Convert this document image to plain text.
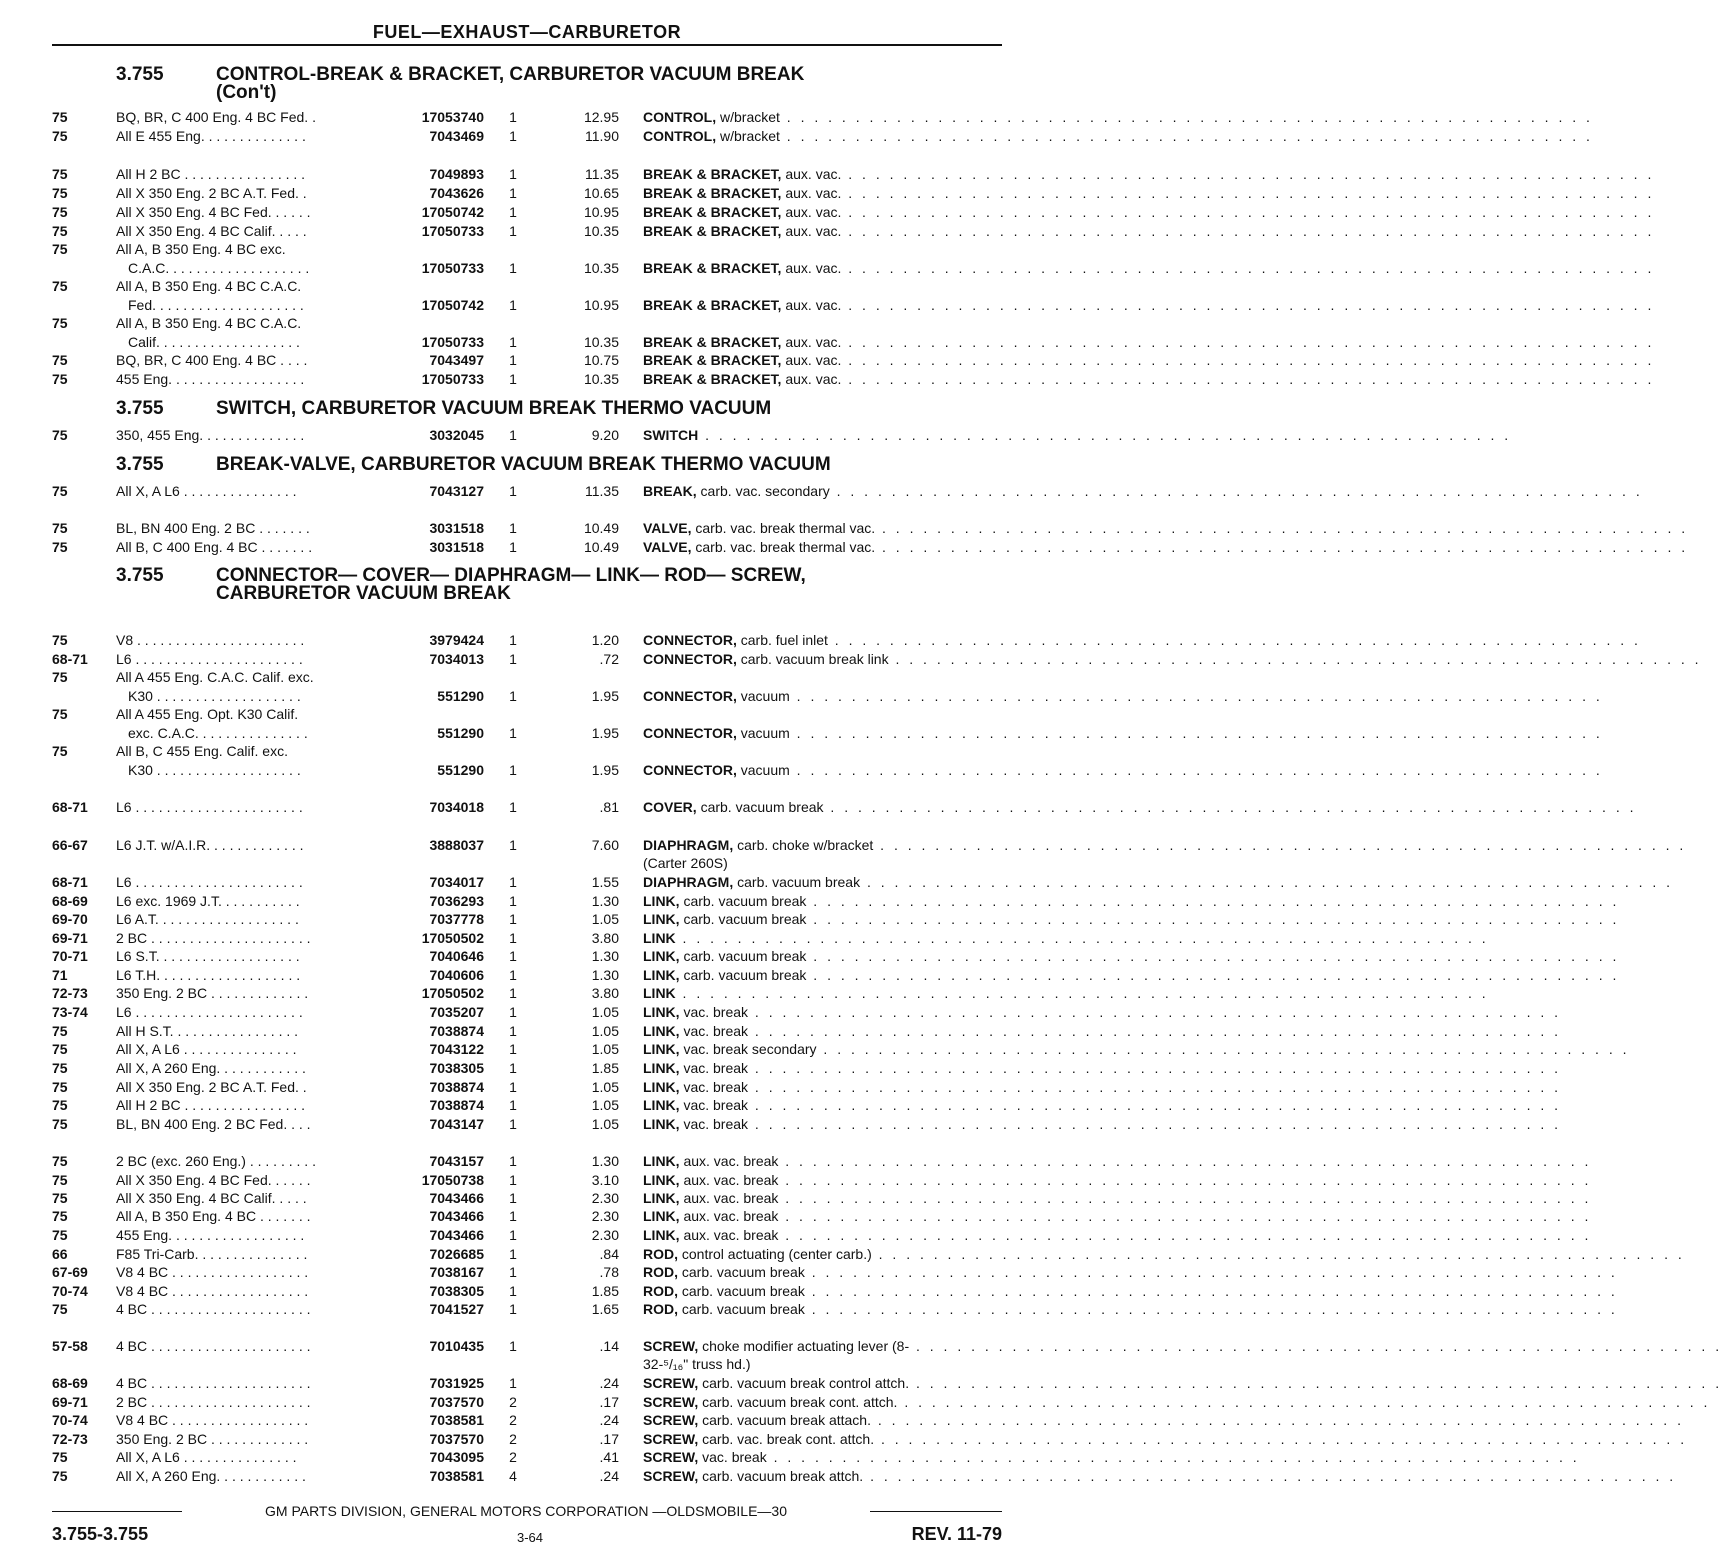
FUEL—EXHAUST—CARBURETOR
3.755	CONTROL-BREAK & BRACKET, CARBURETOR VACUUM BREAK
(Con't)
3.755	SWITCH, CARBURETOR VACUUM BREAK THERMO VACUUM
3.755	BREAK-VALVE, CARBURETOR VACUUM BREAK THERMO VACUUM
3.755	CONNECTOR— COVER— DIAPHRAGM— LINK— ROD— SCREW,
CARBURETOR VACUUM BREAK
75	BQ, BR, C 400 Eng. 4 BC Fed. .	17053740 1	12.95 CONTROL, w/bracket . . . . . . . . . . . . . . . . . . . . . . . . . . . . . . . . . . . . . . . . . . . . . . . . . . . . . . . . . . .
75	All E 455 Eng. . . . . . . . . . . . . .	7043469 1	11.90 CONTROL, w/bracket . . . . . . . . . . . . . . . . . . . . . . . . . . . . . . . . . . . . . . . . . . . . . . . . . . . . . . . . . . .
75	All H 2 BC . . . . . . . . . . . . . . . .	7049893 1	11.35 BREAK & BRACKET, aux. vac. . . . . . . . . . . . . . . . . . . . . . . . . . . . . . . . . . . . . . . . . . . . . . . . . . . . . . . . . . . .
75	All X 350 Eng. 2 BC A.T. Fed. .	7043626 1	10.65 BREAK & BRACKET, aux. vac. . . . . . . . . . . . . . . . . . . . . . . . . . . . . . . . . . . . . . . . . . . . . . . . . . . . . . . . . . . .
75	All X 350 Eng. 4 BC Fed. . . . . .	17050742 1	10.95 BREAK & BRACKET, aux. vac. . . . . . . . . . . . . . . . . . . . . . . . . . . . . . . . . . . . . . . . . . . . . . . . . . . . . . . . . . . .
75	All X 350 Eng. 4 BC Calif. . . . .	17050733 1	10.35 BREAK & BRACKET, aux. vac. . . . . . . . . . . . . . . . . . . . . . . . . . . . . . . . . . . . . . . . . . . . . . . . . . . . . . . . . . . .
75	All A, B 350 Eng. 4 BC exc.
C.A.C. . . . . . . . . . . . . . . . . . .	17050733 1	10.35 BREAK & BRACKET, aux. vac. . . . . . . . . . . . . . . . . . . . . . . . . . . . . . . . . . . . . . . . . . . . . . . . . . . . . . . . . . . .
75	All A, B 350 Eng. 4 BC C.A.C.
Fed. . . . . . . . . . . . . . . . . . . .	17050742 1	10.95 BREAK & BRACKET, aux. vac. . . . . . . . . . . . . . . . . . . . . . . . . . . . . . . . . . . . . . . . . . . . . . . . . . . . . . . . . . . .
75	All A, B 350 Eng. 4 BC C.A.C.
Calif. . . . . . . . . . . . . . . . . . .	17050733 1	10.35 BREAK & BRACKET, aux. vac. . . . . . . . . . . . . . . . . . . . . . . . . . . . . . . . . . . . . . . . . . . . . . . . . . . . . . . . . . . .
75	BQ, BR, C 400 Eng. 4 BC . . . .	7043497 1	10.75 BREAK & BRACKET, aux. vac. . . . . . . . . . . . . . . . . . . . . . . . . . . . . . . . . . . . . . . . . . . . . . . . . . . . . . . . . . . .
75	455 Eng. . . . . . . . . . . . . . . . . .	17050733 1	10.35 BREAK & BRACKET, aux. vac. . . . . . . . . . . . . . . . . . . . . . . . . . . . . . . . . . . . . . . . . . . . . . . . . . . . . . . . . . . .
75	350, 455 Eng. . . . . . . . . . . . . .	3032045 1	9.20 SWITCH . . . . . . . . . . . . . . . . . . . . . . . . . . . . . . . . . . . . . . . . . . . . . . . . . . . . . . . . . . .
75	All X, A L6 . . . . . . . . . . . . . . .	7043127 1	11.35 BREAK, carb. vac. secondary . . . . . . . . . . . . . . . . . . . . . . . . . . . . . . . . . . . . . . . . . . . . . . . . . . . . . . . . . . .
75	BL, BN 400 Eng. 2 BC . . . . . . .	3031518 1	10.49 VALVE, carb. vac. break thermal vac. . . . . . . . . . . . . . . . . . . . . . . . . . . . . . . . . . . . . . . . . . . . . . . . . . . . . . . . . . . .
75	All B, C 400 Eng. 4 BC . . . . . . .	3031518 1	10.49 VALVE, carb. vac. break thermal vac. . . . . . . . . . . . . . . . . . . . . . . . . . . . . . . . . . . . . . . . . . . . . . . . . . . . . . . . . . . .
75	V8 . . . . . . . . . . . . . . . . . . . . . .	3979424 1	1.20 CONNECTOR, carb. fuel inlet . . . . . . . . . . . . . . . . . . . . . . . . . . . . . . . . . . . . . . . . . . . . . . . . . . . . . . . . . . .
68-71	L6 . . . . . . . . . . . . . . . . . . . . . .	7034013 1	.72 CONNECTOR, carb. vacuum break link . . . . . . . . . . . . . . . . . . . . . . . . . . . . . . . . . . . . . . . . . . . . . . . . . . . . . . . . . . .
75	All A 455 Eng. C.A.C. Calif. exc.
K30 . . . . . . . . . . . . . . . . . . .	551290 1	1.95 CONNECTOR, vacuum . . . . . . . . . . . . . . . . . . . . . . . . . . . . . . . . . . . . . . . . . . . . . . . . . . . . . . . . . . .
75	All A 455 Eng. Opt. K30 Calif.
exc. C.A.C. . . . . . . . . . . . . . .	551290 1	1.95 CONNECTOR, vacuum . . . . . . . . . . . . . . . . . . . . . . . . . . . . . . . . . . . . . . . . . . . . . . . . . . . . . . . . . . .
75	All B, C 455 Eng. Calif. exc.
K30 . . . . . . . . . . . . . . . . . . .	551290 1	1.95 CONNECTOR, vacuum . . . . . . . . . . . . . . . . . . . . . . . . . . . . . . . . . . . . . . . . . . . . . . . . . . . . . . . . . . .
68-71	L6 . . . . . . . . . . . . . . . . . . . . . .	7034018 1	.81 COVER, carb. vacuum break . . . . . . . . . . . . . . . . . . . . . . . . . . . . . . . . . . . . . . . . . . . . . . . . . . . . . . . . . . .
66-67	L6 J.T. w/A.I.R. . . . . . . . . . . . .	3888037 1	7.60 DIAPHRAGM, carb. choke w/bracket . . . . . . . . . . . . . . . . . . . . . . . . . . . . . . . . . . . . . . . . . . . . . . . . . . . . . . . . . . .
(Carter 260S)
68-71	L6 . . . . . . . . . . . . . . . . . . . . . .	7034017 1	1.55 DIAPHRAGM, carb. vacuum break . . . . . . . . . . . . . . . . . . . . . . . . . . . . . . . . . . . . . . . . . . . . . . . . . . . . . . . . . . .
68-69	L6 exc. 1969 J.T. . . . . . . . . . .	7036293 1	1.30 LINK, carb. vacuum break . . . . . . . . . . . . . . . . . . . . . . . . . . . . . . . . . . . . . . . . . . . . . . . . . . . . . . . . . . .
69-70	L6 A.T. . . . . . . . . . . . . . . . . . .	7037778 1	1.05 LINK, carb. vacuum break . . . . . . . . . . . . . . . . . . . . . . . . . . . . . . . . . . . . . . . . . . . . . . . . . . . . . . . . . . .
69-71	2 BC . . . . . . . . . . . . . . . . . . . . .	17050502 1	3.80 LINK . . . . . . . . . . . . . . . . . . . . . . . . . . . . . . . . . . . . . . . . . . . . . . . . . . . . . . . . . . .
70-71	L6 S.T. . . . . . . . . . . . . . . . . . .	7040646 1	1.30 LINK, carb. vacuum break . . . . . . . . . . . . . . . . . . . . . . . . . . . . . . . . . . . . . . . . . . . . . . . . . . . . . . . . . . .
71	L6 T.H. . . . . . . . . . . . . . . . . . .	7040606 1	1.30 LINK, carb. vacuum break . . . . . . . . . . . . . . . . . . . . . . . . . . . . . . . . . . . . . . . . . . . . . . . . . . . . . . . . . . .
72-73	350 Eng. 2 BC . . . . . . . . . . . . .	17050502 1	3.80 LINK . . . . . . . . . . . . . . . . . . . . . . . . . . . . . . . . . . . . . . . . . . . . . . . . . . . . . . . . . . .
73-74	L6 . . . . . . . . . . . . . . . . . . . . . .	7035207 1	1.05 LINK, vac. break . . . . . . . . . . . . . . . . . . . . . . . . . . . . . . . . . . . . . . . . . . . . . . . . . . . . . . . . . . .
75	All H S.T. . . . . . . . . . . . . . . . .	7038874 1	1.05 LINK, vac. break . . . . . . . . . . . . . . . . . . . . . . . . . . . . . . . . . . . . . . . . . . . . . . . . . . . . . . . . . . .
75	All X, A L6 . . . . . . . . . . . . . . .	7043122 1	1.05 LINK, vac. break secondary . . . . . . . . . . . . . . . . . . . . . . . . . . . . . . . . . . . . . . . . . . . . . . . . . . . . . . . . . . .
75	All X, A 260 Eng. . . . . . . . . . . .	7038305 1	1.85 LINK, vac. break . . . . . . . . . . . . . . . . . . . . . . . . . . . . . . . . . . . . . . . . . . . . . . . . . . . . . . . . . . .
75	All X 350 Eng. 2 BC A.T. Fed. .	7038874 1	1.05 LINK, vac. break . . . . . . . . . . . . . . . . . . . . . . . . . . . . . . . . . . . . . . . . . . . . . . . . . . . . . . . . . . .
75	All H 2 BC . . . . . . . . . . . . . . . .	7038874 1	1.05 LINK, vac. break . . . . . . . . . . . . . . . . . . . . . . . . . . . . . . . . . . . . . . . . . . . . . . . . . . . . . . . . . . .
75	BL, BN 400 Eng. 2 BC Fed. . . .	7043147 1	1.05 LINK, vac. break . . . . . . . . . . . . . . . . . . . . . . . . . . . . . . . . . . . . . . . . . . . . . . . . . . . . . . . . . . .
75	2 BC (exc. 260 Eng.) . . . . . . . . .	7043157 1	1.30 LINK, aux. vac. break . . . . . . . . . . . . . . . . . . . . . . . . . . . . . . . . . . . . . . . . . . . . . . . . . . . . . . . . . . .
75	All X 350 Eng. 4 BC Fed. . . . . .	17050738 1	3.10 LINK, aux. vac. break . . . . . . . . . . . . . . . . . . . . . . . . . . . . . . . . . . . . . . . . . . . . . . . . . . . . . . . . . . .
75	All X 350 Eng. 4 BC Calif. . . . .	7043466 1	2.30 LINK, aux. vac. break . . . . . . . . . . . . . . . . . . . . . . . . . . . . . . . . . . . . . . . . . . . . . . . . . . . . . . . . . . .
75	All A, B 350 Eng. 4 BC . . . . . . .	7043466 1	2.30 LINK, aux. vac. break . . . . . . . . . . . . . . . . . . . . . . . . . . . . . . . . . . . . . . . . . . . . . . . . . . . . . . . . . . .
75	455 Eng. . . . . . . . . . . . . . . . . .	7043466 1	2.30 LINK, aux. vac. break . . . . . . . . . . . . . . . . . . . . . . . . . . . . . . . . . . . . . . . . . . . . . . . . . . . . . . . . . . .
66	F85 Tri-Carb. . . . . . . . . . . . . . .	7026685 1	.84 ROD, control actuating (center carb.) . . . . . . . . . . . . . . . . . . . . . . . . . . . . . . . . . . . . . . . . . . . . . . . . . . . . . . . . . . .
67-69	V8 4 BC . . . . . . . . . . . . . . . . . .	7038167 1	.78 ROD, carb. vacuum break . . . . . . . . . . . . . . . . . . . . . . . . . . . . . . . . . . . . . . . . . . . . . . . . . . . . . . . . . . .
70-74	V8 4 BC . . . . . . . . . . . . . . . . . .	7038305 1	1.85 ROD, carb. vacuum break . . . . . . . . . . . . . . . . . . . . . . . . . . . . . . . . . . . . . . . . . . . . . . . . . . . . . . . . . . .
75	4 BC . . . . . . . . . . . . . . . . . . . . .	7041527 1	1.65 ROD, carb. vacuum break . . . . . . . . . . . . . . . . . . . . . . . . . . . . . . . . . . . . . . . . . . . . . . . . . . . . . . . . . . .
57-58	4 BC . . . . . . . . . . . . . . . . . . . . .	7010435 1	.14 SCREW, choke modifier actuating lever (8- . . . . . . . . . . . . . . . . . . . . . . . . . . . . . . . . . . . . . . . . . . . . . . . . . . . . . . . . . . .
32-⁵/₁₆" truss hd.)
68-69	4 BC . . . . . . . . . . . . . . . . . . . . .	7031925 1	.24 SCREW, carb. vacuum break control attch. . . . . . . . . . . . . . . . . . . . . . . . . . . . . . . . . . . . . . . . . . . . . . . . . . . . . . . . . . . .
69-71	2 BC . . . . . . . . . . . . . . . . . . . . .	7037570 2	.17 SCREW, carb. vacuum break cont. attch. . . . . . . . . . . . . . . . . . . . . . . . . . . . . . . . . . . . . . . . . . . . . . . . . . . . . . . . . . . .
70-74	V8 4 BC . . . . . . . . . . . . . . . . . .	7038581 2	.24 SCREW, carb. vacuum break attach. . . . . . . . . . . . . . . . . . . . . . . . . . . . . . . . . . . . . . . . . . . . . . . . . . . . . . . . . . . .
72-73	350 Eng. 2 BC . . . . . . . . . . . . .	7037570 2	.17 SCREW, carb. vac. break cont. attch. . . . . . . . . . . . . . . . . . . . . . . . . . . . . . . . . . . . . . . . . . . . . . . . . . . . . . . . . . . .
75	All X, A L6 . . . . . . . . . . . . . . .	7043095 2	.41 SCREW, vac. break . . . . . . . . . . . . . . . . . . . . . . . . . . . . . . . . . . . . . . . . . . . . . . . . . . . . . . . . . . .
75	All X, A 260 Eng. . . . . . . . . . . .	7038581 4	.24 SCREW, carb. vacuum break attch. . . . . . . . . . . . . . . . . . . . . . . . . . . . . . . . . . . . . . . . . . . . . . . . . . . . . . . . . . . .
GM PARTS DIVISION, GENERAL MOTORS CORPORATION —OLDSMOBILE—30
3.755-3.755	3-64	REV. 11-79
